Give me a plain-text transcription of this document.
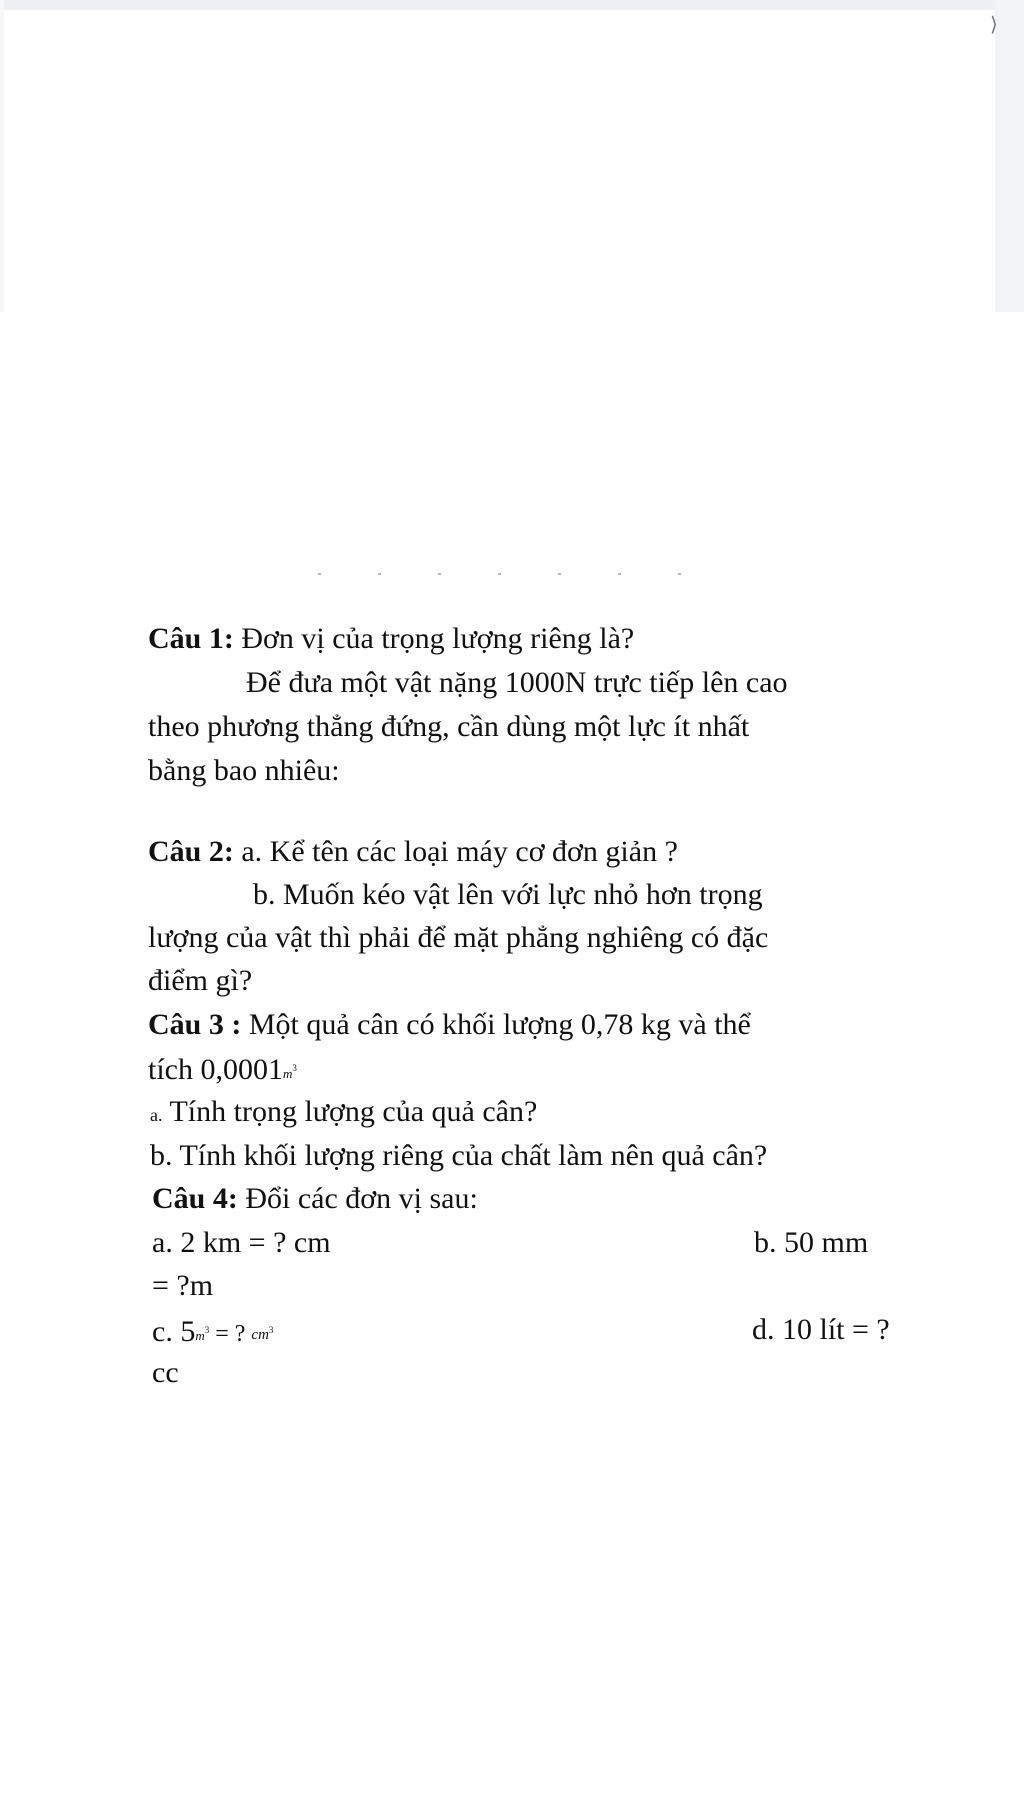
⟩
Câu 1: Đơn vị của trọng lượng riêng là?
Để đưa một vật nặng 1000N trực tiếp lên cao
theo phương thẳng đứng, cần dùng một lực ít nhất
bằng bao nhiêu:
Câu 2: a. Kể tên các loại máy cơ đơn giản ?
b. Muốn kéo vật lên với lực nhỏ hơn trọng
lượng của vật thì phải để mặt phẳng nghiêng có đặc
điểm gì?
Câu 3 : Một quả cân có khối lượng 0,78 kg và thể
tích $0,0001m^3$
a. Tính trọng lượng của quả cân?
b. Tính khối lượng riêng của chất làm nên quả cân?
Câu 4: Đổi các đơn vị sau:
a. 2 km = ? cm	b. 50 mm
= ?m
c. $5m^3$ = ? $cm^3$	d. 10 lít = ?
cc
